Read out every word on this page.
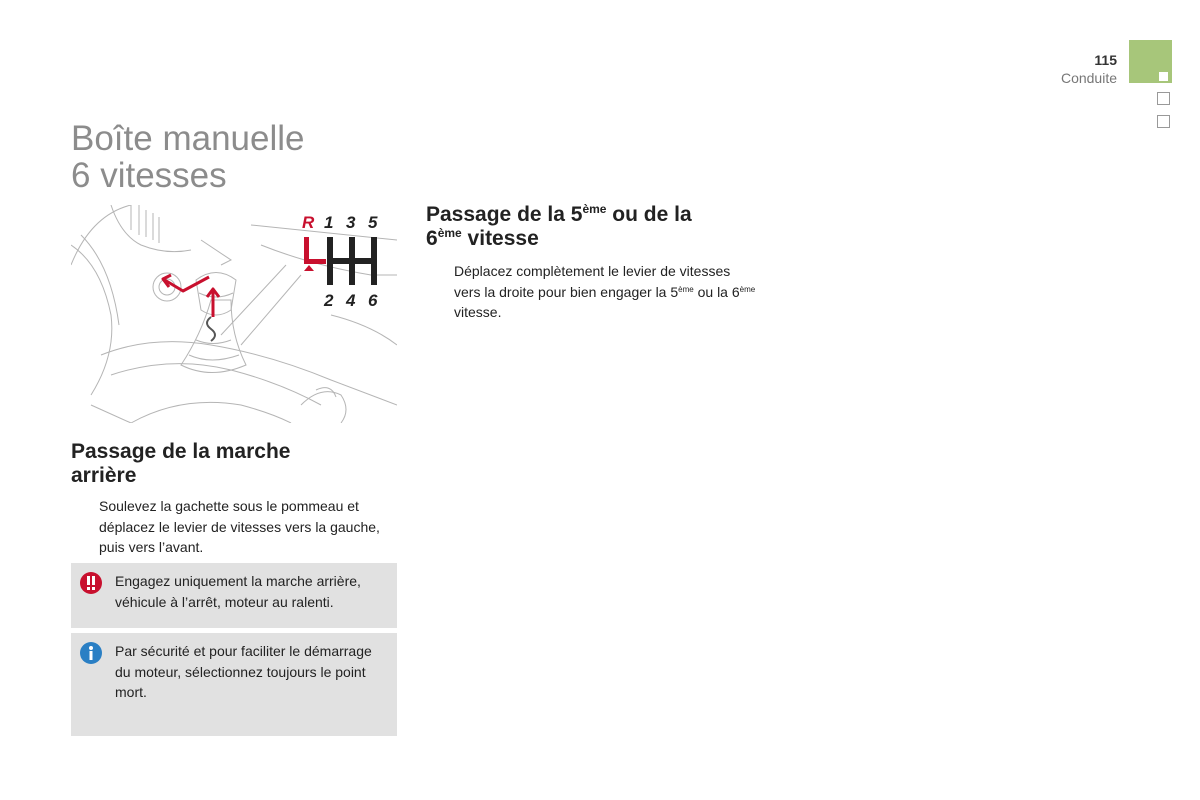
115
Conduite
Boîte manuelle
6 vitesses
R 1 3 5
2 4 6
Passage de la marche
arrière
Soulevez la gachette sous le pommeau et déplacez le levier de vitesses vers la gauche, puis vers l’avant.
Engagez uniquement la marche arrière, véhicule à l’arrêt, moteur au ralenti.
Par sécurité et pour faciliter le démarrage du moteur, sélectionnez toujours le point mort.
Passage de la 5ème ou de la
6ème vitesse
Déplacez complètement le levier de vitesses vers la droite pour bien engager la 5ème ou la 6ème vitesse.
